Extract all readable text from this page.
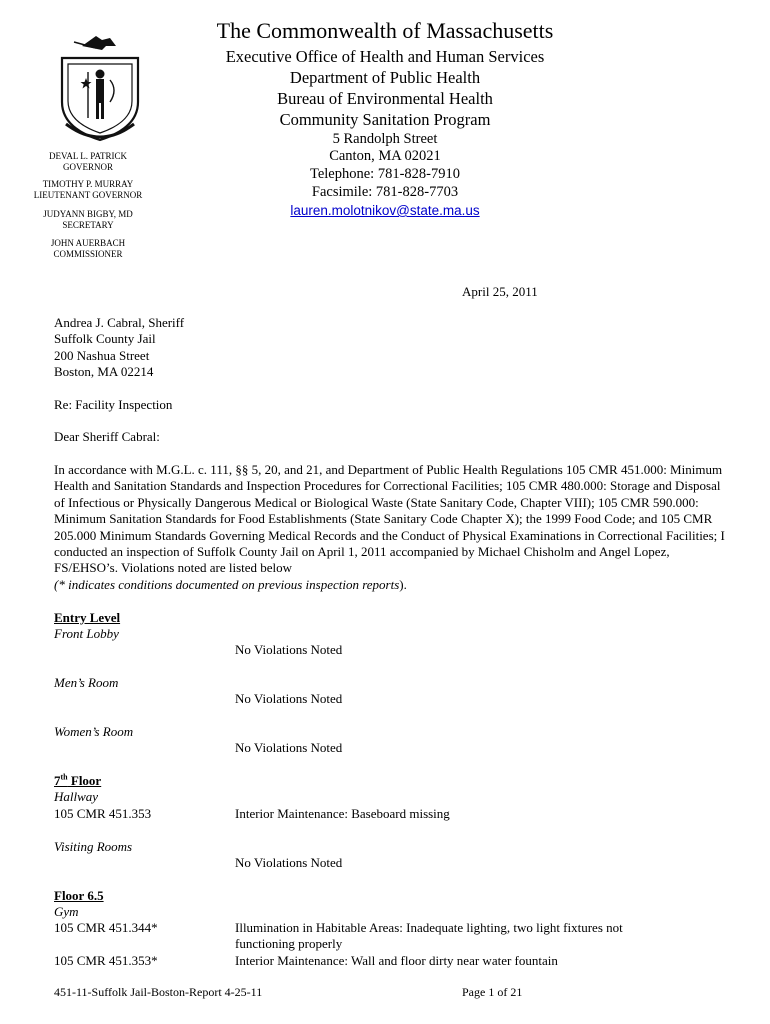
The Commonwealth of Massachusetts
Executive Office of Health and Human Services
Department of Public Health
Bureau of Environmental Health
Community Sanitation Program
5 Randolph Street
Canton, MA 02021
Telephone: 781-828-7910
Facsimile: 781-828-7703
lauren.molotnikov@state.ma.us
DEVAL L. PATRICK
GOVERNOR
TIMOTHY P. MURRAY
LIEUTENANT GOVERNOR
JUDYANN BIGBY, MD
SECRETARY
JOHN AUERBACH
COMMISSIONER
April 25, 2011
Andrea J. Cabral, Sheriff
Suffolk County Jail
200 Nashua Street
Boston, MA 02214
Re: Facility Inspection
Dear Sheriff Cabral:

In accordance with M.G.L. c. 111, §§ 5, 20, and 21, and Department of Public Health Regulations 105 CMR 451.000: Minimum Health and Sanitation Standards and Inspection Procedures for Correctional Facilities; 105 CMR 480.000: Storage and Disposal of Infectious or Physically Dangerous Medical or Biological Waste (State Sanitary Code, Chapter VIII); 105 CMR 590.000: Minimum Sanitation Standards for Food Establishments (State Sanitary Code Chapter X); the 1999 Food Code; and 105 CMR 205.000 Minimum Standards Governing Medical Records and the Conduct of Physical Examinations in Correctional Facilities; I conducted an inspection of Suffolk County Jail on April 1, 2011 accompanied by Michael Chisholm and Angel Lopez, FS/EHSO’s. Violations noted are listed below
(* indicates conditions documented on previous inspection reports).

Entry Level
Front Lobby
No Violations Noted
Men’s Room
No Violations Noted
Women’s Room
No Violations Noted
7th Floor
Hallway
105 CMR 451.353	Interior Maintenance: Baseboard missing
Visiting Rooms
No Violations Noted
Floor 6.5
Gym
105 CMR 451.344*	Illumination in Habitable Areas: Inadequate lighting, two light fixtures not
functioning properly
105 CMR 451.353*	Interior Maintenance: Wall and floor dirty near water fountain
451-11-Suffolk Jail-Boston-Report 4-25-11	Page 1 of 21
